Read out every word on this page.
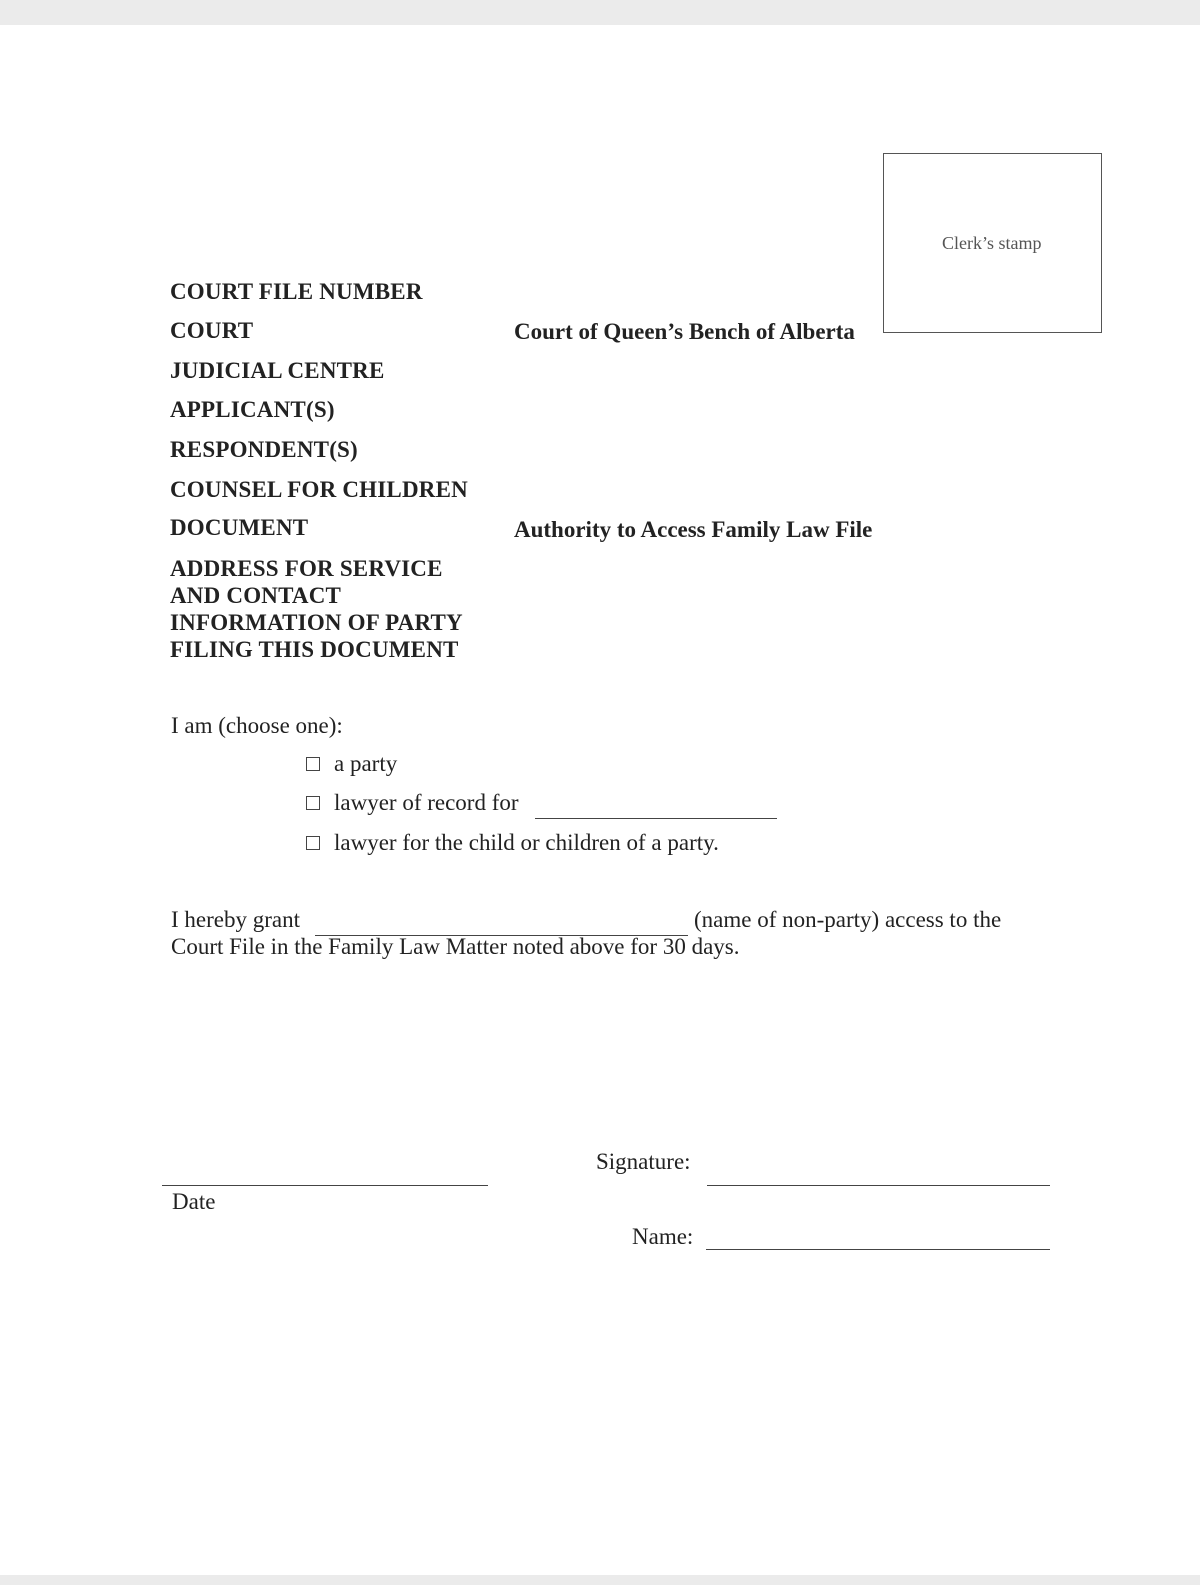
Clerk’s stamp
COURT FILE NUMBER
COURT	Court of Queen’s Bench of Alberta
JUDICIAL CENTRE
APPLICANT(S)
RESPONDENT(S)
COUNSEL FOR CHILDREN
DOCUMENT	Authority to Access Family Law File
ADDRESS FOR SERVICE
AND CONTACT
INFORMATION OF PARTY
FILING THIS DOCUMENT
I am (choose one):
a party
lawyer of record for
lawyer for the child or children of a party.
I hereby grant	(name of non-party) access to the
Court File in the Family Law Matter noted above for 30 days.
Signature:
Date
Name:
